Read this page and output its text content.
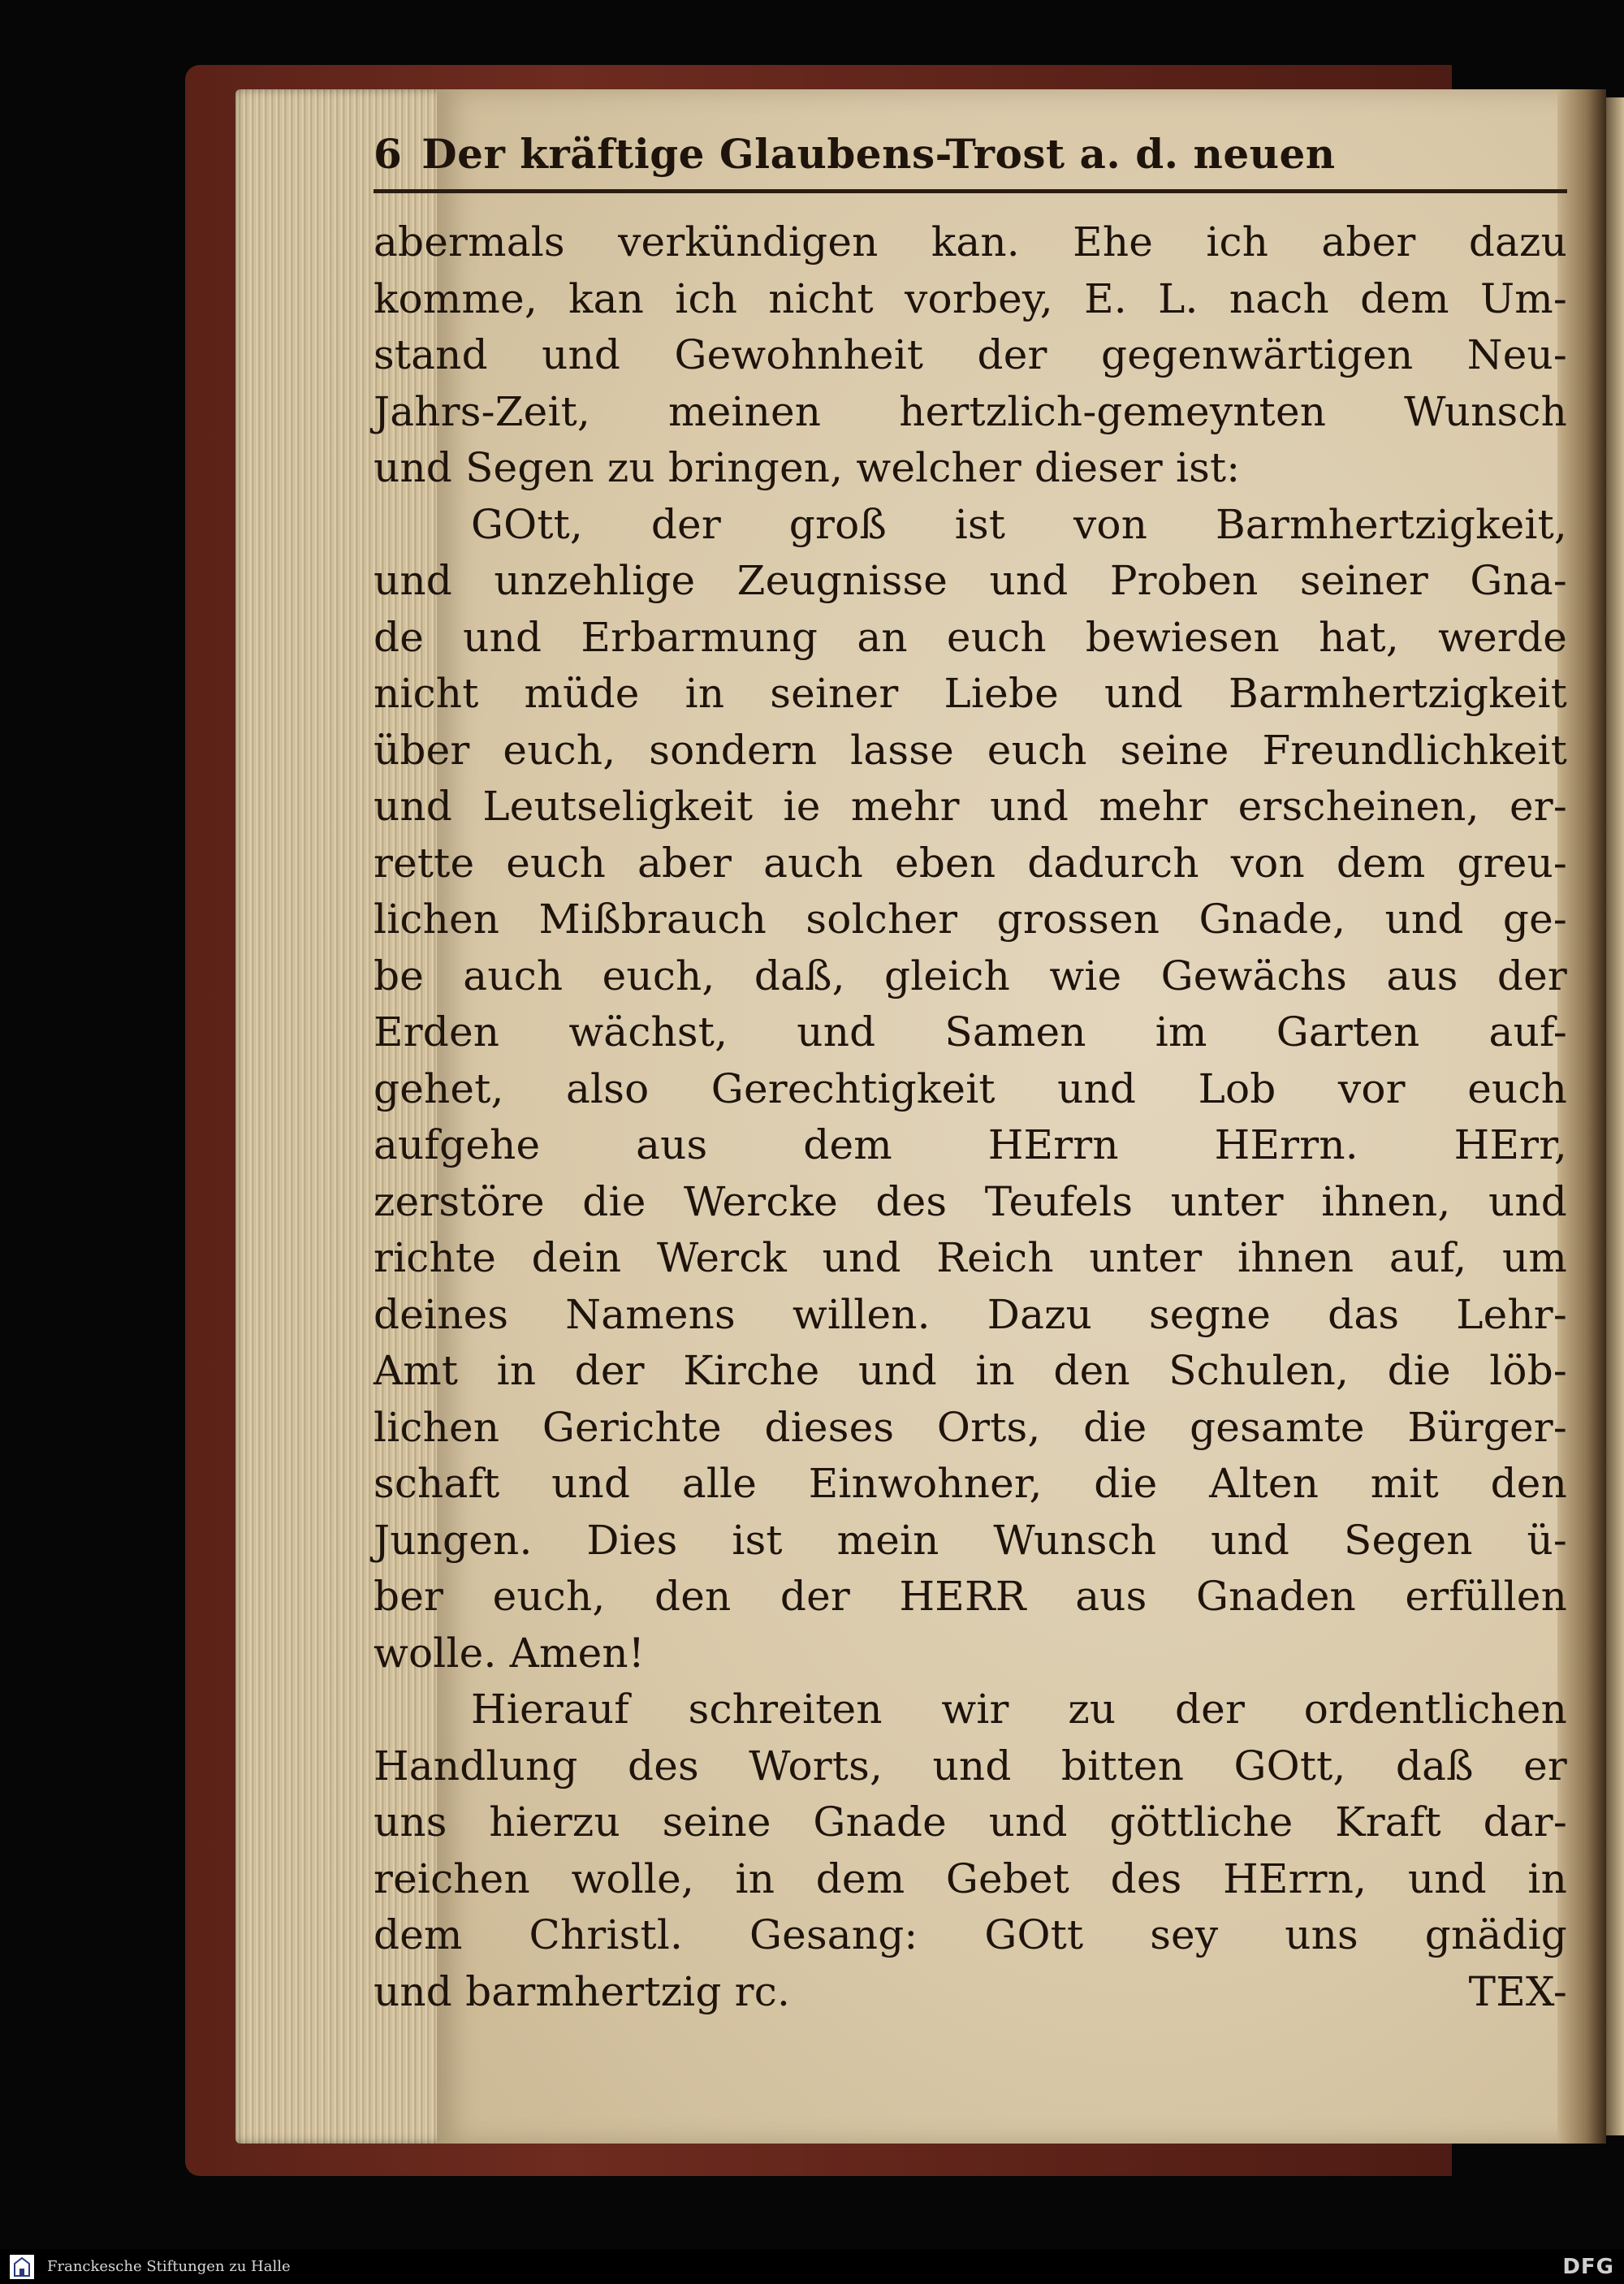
6 Der kräftige Glaubens-Trost a. d. neuen
abermals verkündigen kan. Ehe ich aber dazu
komme, kan ich nicht vorbey, E. L. nach dem Um-
stand und Gewohnheit der gegenwärtigen Neu-
Jahrs-Zeit, meinen hertzlich-gemeynten Wunsch
und Segen zu bringen, welcher dieser ist:
GOtt, der groß ist von Barmhertzigkeit,
und unzehlige Zeugnisse und Proben seiner Gna-
de und Erbarmung an euch bewiesen hat, werde
nicht müde in seiner Liebe und Barmhertzigkeit
über euch, sondern lasse euch seine Freundlichkeit
und Leutseligkeit ie mehr und mehr erscheinen, er-
rette euch aber auch eben dadurch von dem greu-
lichen Mißbrauch solcher grossen Gnade, und ge-
be auch euch, daß, gleich wie Gewächs aus der
Erden wächst, und Samen im Garten auf-
gehet, also Gerechtigkeit und Lob vor euch
aufgehe aus dem HErrn HErrn. HErr,
zerstöre die Wercke des Teufels unter ihnen, und
richte dein Werck und Reich unter ihnen auf, um
deines Namens willen. Dazu segne das Lehr-
Amt in der Kirche und in den Schulen, die löb-
lichen Gerichte dieses Orts, die gesamte Bürger-
schaft und alle Einwohner, die Alten mit den
Jungen. Dies ist mein Wunsch und Segen ü-
ber euch, den der HERR aus Gnaden erfüllen
wolle. Amen!
Hierauf schreiten wir zu der ordentlichen
Handlung des Worts, und bitten GOtt, daß er
uns hierzu seine Gnade und göttliche Kraft dar-
reichen wolle, in dem Gebet des HErrn, und in
dem Christl. Gesang: GOtt sey uns gnädig
und barmhertzig rc.	TEX-
Franckesche Stiftungen zu Halle	DFG
